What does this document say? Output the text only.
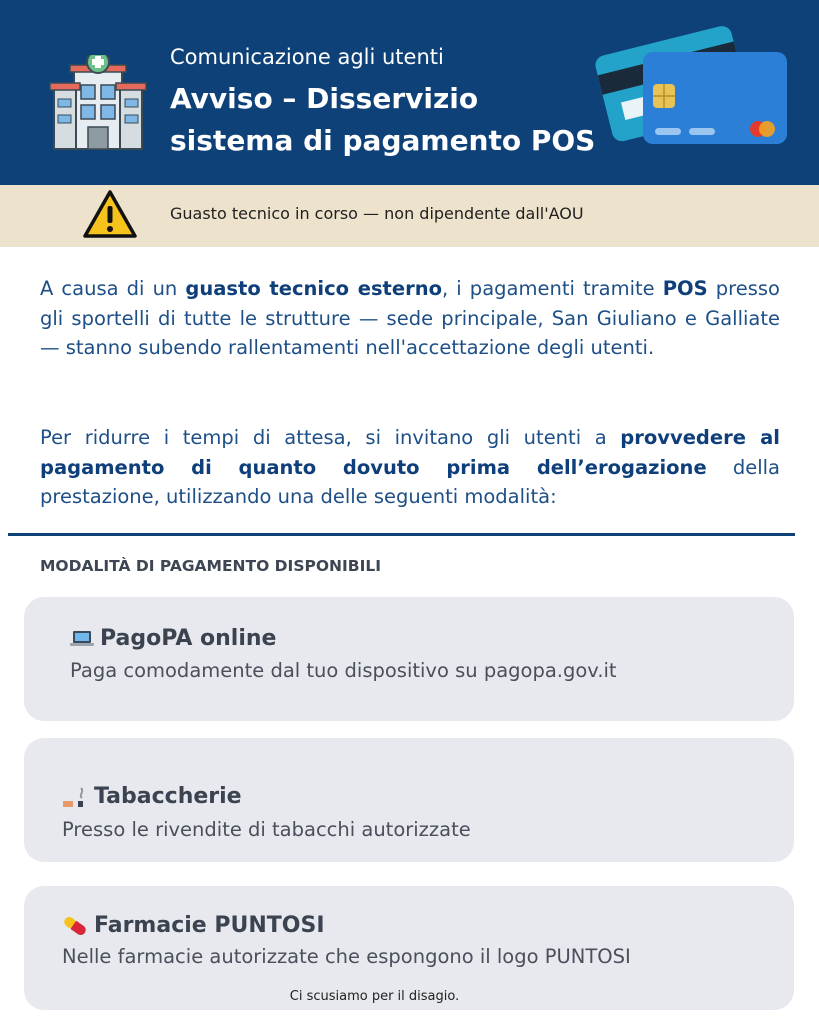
Comunicazione agli utenti
Avviso – Disservizio
sistema di pagamento POS
Guasto tecnico in corso — non dipendente dall'AOU
A causa di un guasto tecnico esterno, i pagamenti tramite POS presso gli sportelli di tutte le strutture — sede principale, San Giuliano e Galliate — stanno subendo rallentamenti nell'accettazione degli utenti.
Per ridurre i tempi di attesa, si invitano gli utenti a provvedere al pagamento di quanto dovuto prima dell’erogazione della prestazione, utilizzando una delle seguenti modalità:
MODALITÀ DI PAGAMENTO DISPONIBILI
PagoPA online
Paga comodamente dal tuo dispositivo su pagopa.gov.it
Tabaccherie
Presso le rivendite di tabacchi autorizzate
Farmacie PUNTOSI
Nelle farmacie autorizzate che espongono il logo PUNTOSI
Ci scusiamo per il disagio.
